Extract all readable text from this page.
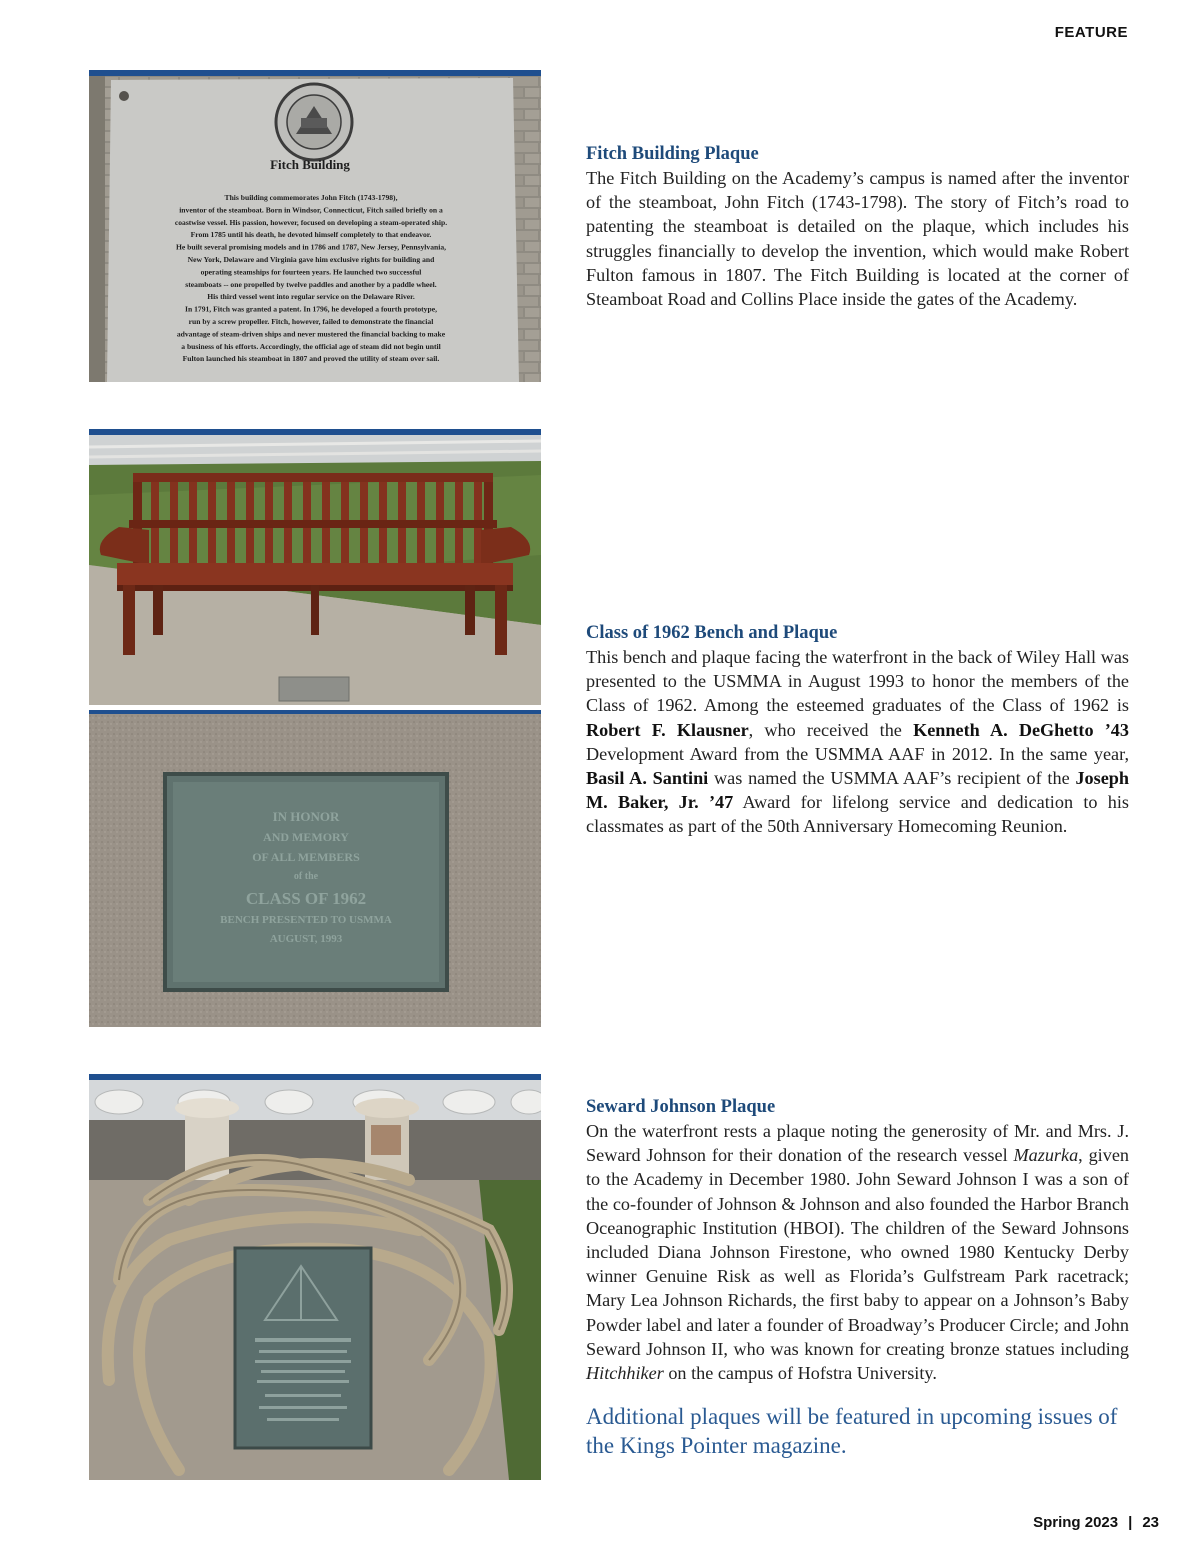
FEATURE
Fitch Building
This building commemorates John Fitch (1743-1798),
inventor of the steamboat. Born in Windsor, Connecticut, Fitch sailed briefly on a
coastwise vessel. His passion, however, focused on developing a steam-operated ship.
From 1785 until his death, he devoted himself completely to that endeavor.
He built several promising models and in 1786 and 1787, New Jersey, Pennsylvania,
New York, Delaware and Virginia gave him exclusive rights for building and
operating steamships for fourteen years. He launched two successful
steamboats -- one propelled by twelve paddles and another by a paddle wheel.
His third vessel went into regular service on the Delaware River.
In 1791, Fitch was granted a patent. In 1796, he developed a fourth prototype,
run by a screw propeller. Fitch, however, failed to demonstrate the financial
advantage of steam-driven ships and never mustered the financial backing to make
a business of his efforts. Accordingly, the official age of steam did not begin until
Fulton launched his steamboat in 1807 and proved the utility of steam over sail.
Fitch Building Plaque

The Fitch Building on the Academy’s campus is named after the inventor of the steamboat, John Fitch (1743-1798). The story of Fitch’s road to patenting the steamboat is detailed on the plaque, which includes his struggles financially to develop the invention, which would make Robert Fulton famous in 1807. The Fitch Building is located at the corner of Steamboat Road and Collins Place inside the gates of the Academy.

IN HONOR
AND MEMORY
OF ALL MEMBERS
of the
CLASS OF 1962
BENCH PRESENTED TO USMMA
AUGUST, 1993
Class of 1962 Bench and Plaque

This bench and plaque facing the waterfront in the back of Wiley Hall was presented to the USMMA in August 1993 to honor the members of the Class of 1962. Among the esteemed graduates of the Class of 1962 is Robert F. Klausner, who received the Kenneth A. DeGhetto ’43 Development Award from the USMMA AAF in 2012. In the same year, Basil A. Santini was named the USMMA AAF’s recipient of the Joseph M. Baker, Jr. ’47 Award for lifelong service and dedication to his classmates as part of the 50th Anniversary Homecoming Reunion.

Seward Johnson Plaque

On the waterfront rests a plaque noting the generosity of Mr. and Mrs. J. Seward Johnson for their donation of the research vessel Mazurka, given to the Academy in December 1980. John Seward Johnson I was a son of the co-founder of Johnson & Johnson and also founded the Harbor Branch Oceanographic Institution (HBOI). The children of the Seward Johnsons included Diana Johnson Firestone, who owned 1980 Kentucky Derby winner Genuine Risk as well as Florida’s Gulfstream Park racetrack; Mary Lea Johnson Richards, the first baby to appear on a Johnson’s Baby Powder label and later a founder of Broadway’s Producer Circle; and John Seward Johnson II, who was known for creating bronze statues including Hitchhiker on the campus of Hofstra University.

Additional plaques will be featured in upcoming issues of the Kings Pointer magazine.
Spring 2023 | 23
